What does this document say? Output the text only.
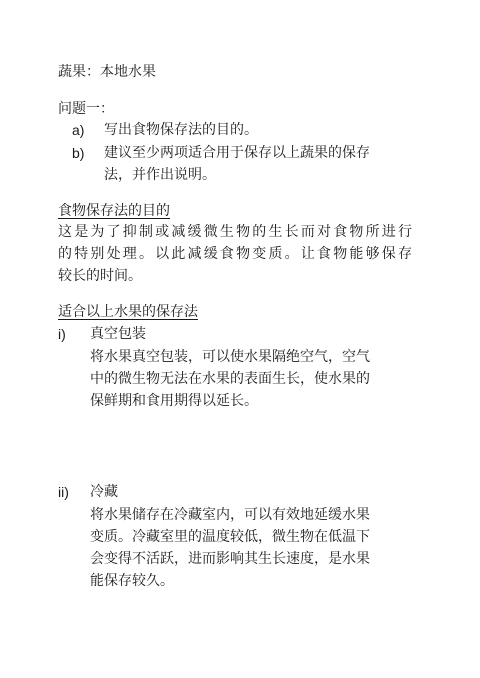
蔬果：本地水果
问题一：
a) 写出食物保存法的目的。
b) 建议至少两项适合用于保存以上蔬果的保存
法，并作出说明。
食物保存法的目的
这是为了抑制或减缓微生物的生长而对食物所进行
的特别处理。以此减缓食物变质。让食物能够保存
较长的时间。
适合以上水果的保存法
i) 真空包装
将水果真空包装，可以使水果隔绝空气，空气
中的微生物无法在水果的表面生长，使水果的
保鲜期和食用期得以延长。
ii) 冷藏
将水果储存在冷藏室内，可以有效地延缓水果
变质。冷藏室里的温度较低，微生物在低温下
会变得不活跃，进而影响其生长速度，是水果
能保存较久。
